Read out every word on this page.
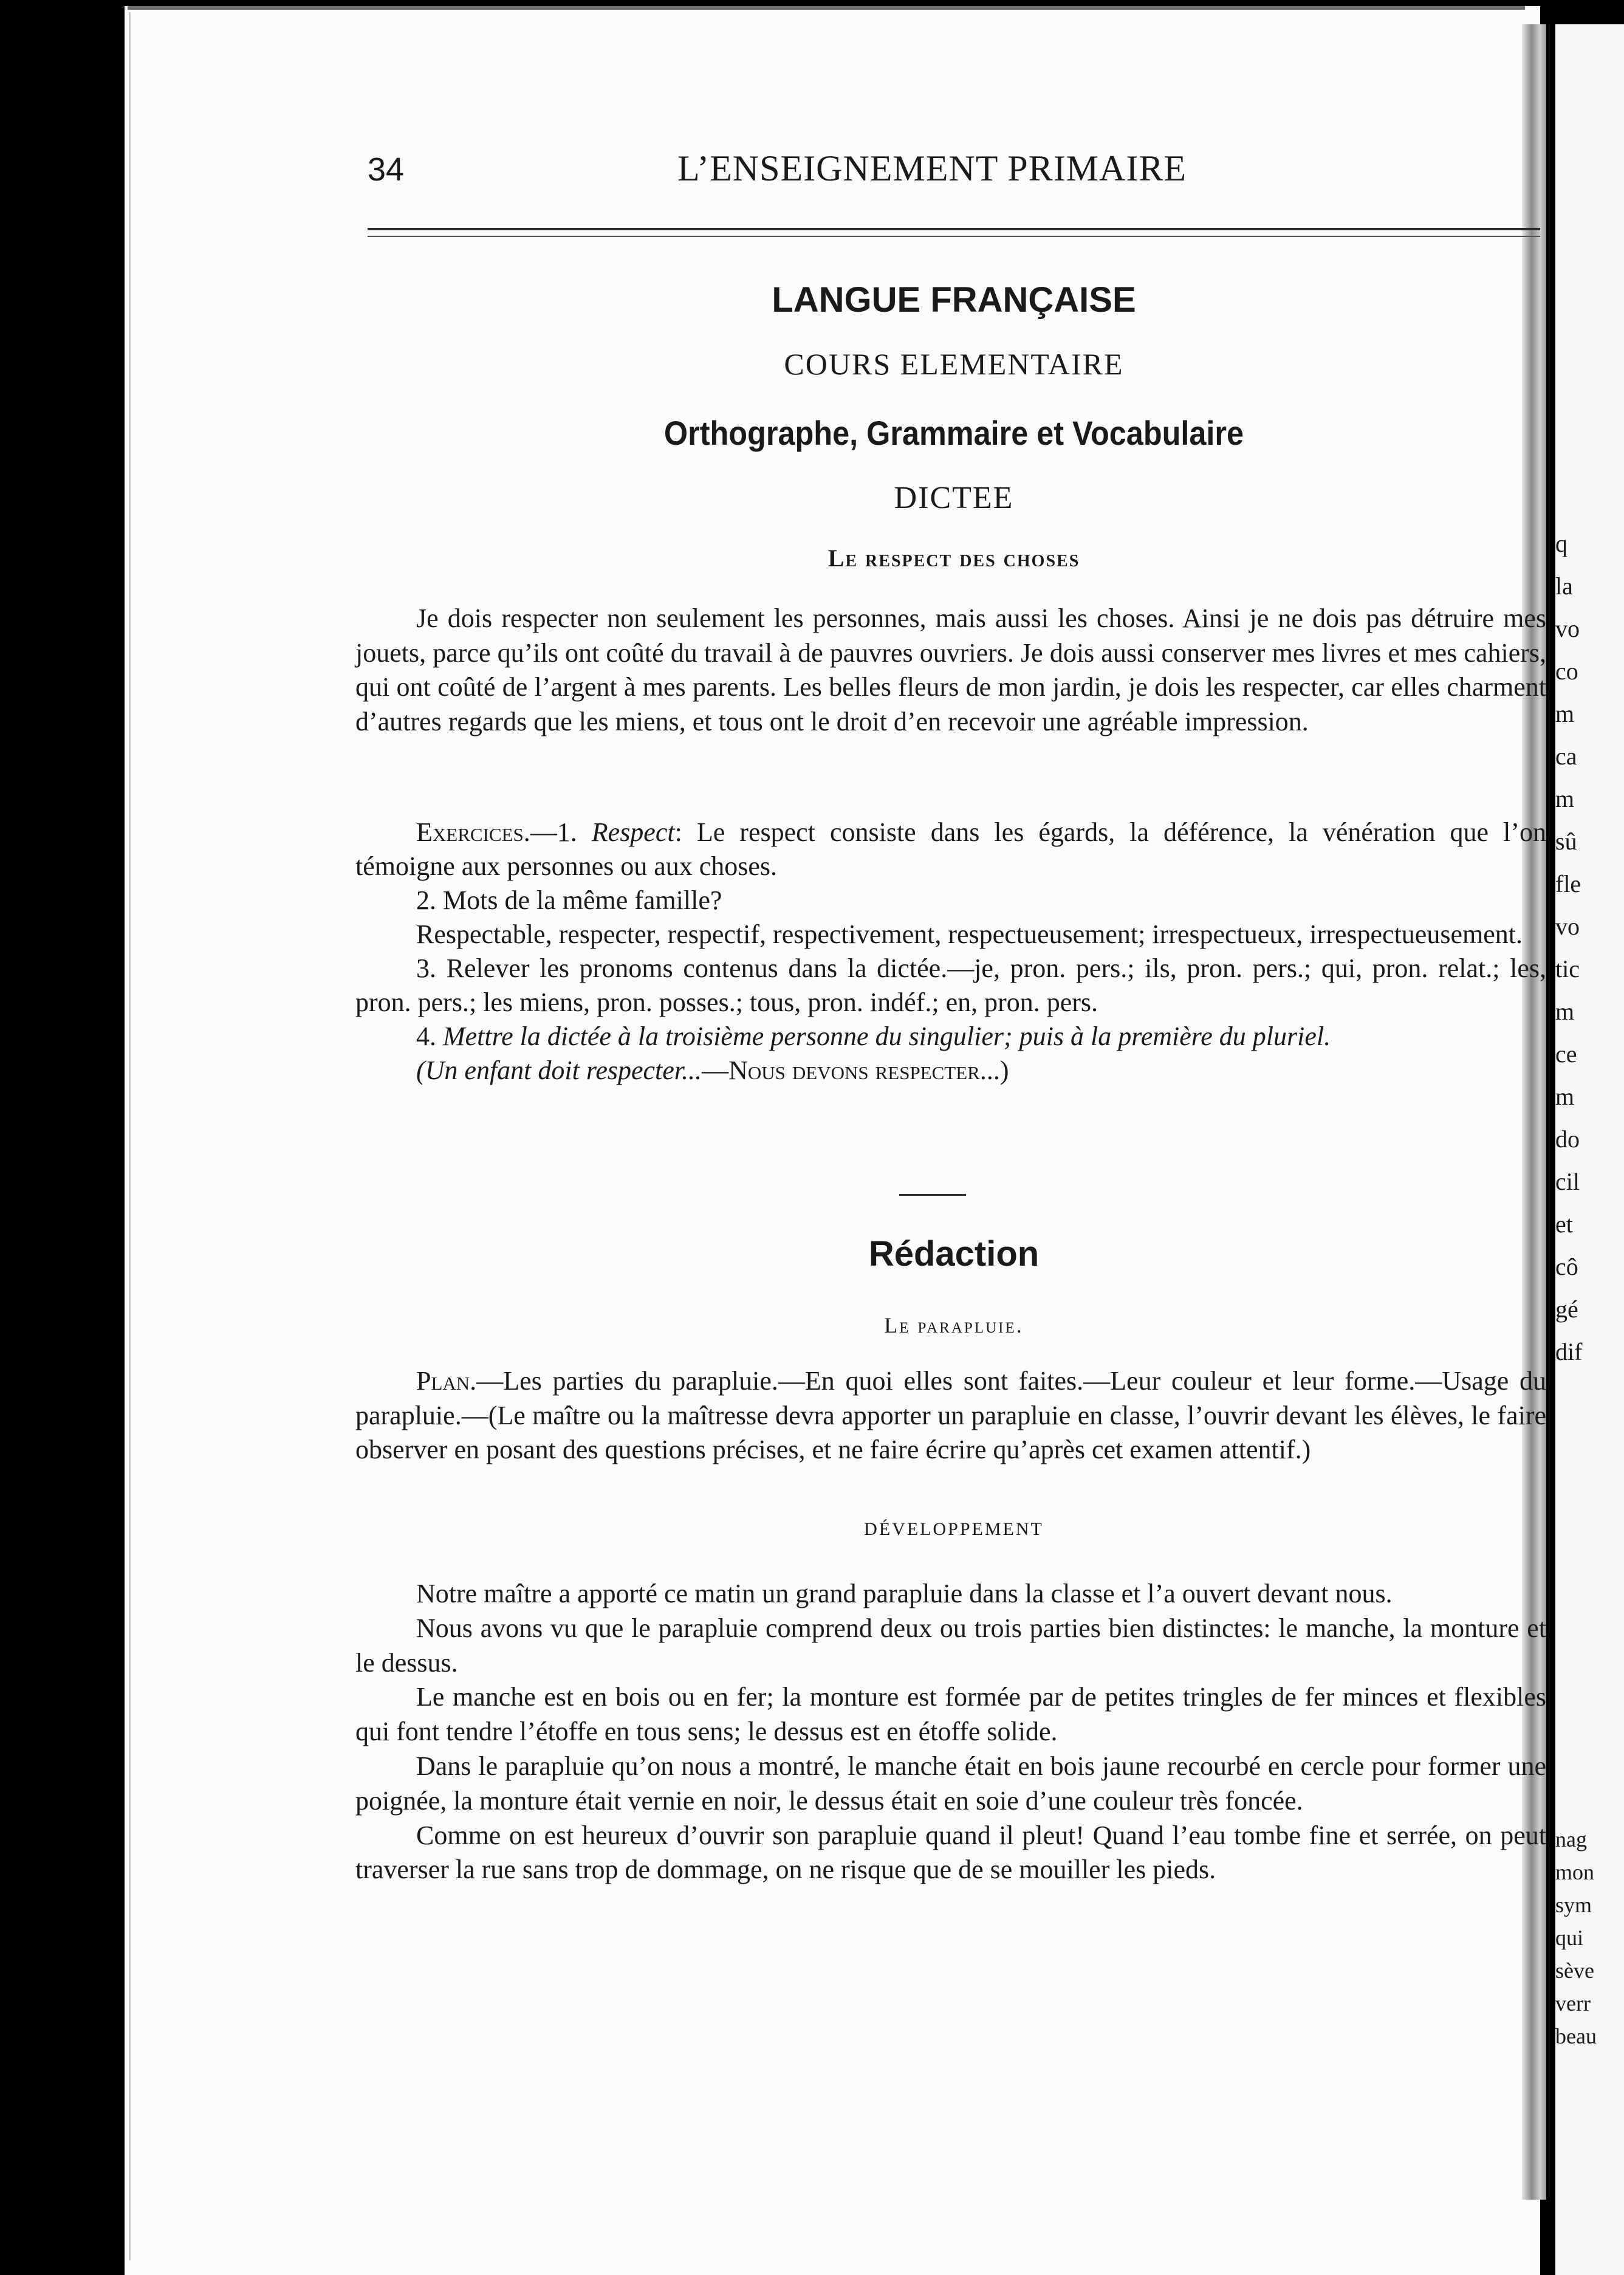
q
la
vo
co
m
ca
m
sû
fle
vo
tic
m
ce
m
do
cil
et
cô
gé
dif
nag
mon
sym
qui
sève
verr
beau
34	L’ENSEIGNEMENT PRIMAIRE
LANGUE FRANÇAISE
COURS ELEMENTAIRE
Orthographe, Grammaire et Vocabulaire
DICTEE
Le respect des choses

Je dois respecter non seulement les personnes, mais aussi les choses. Ainsi je ne dois pas détruire mes jouets, parce qu’ils ont coûté du travail à de pauvres ouvriers. Je dois aussi conserver mes livres et mes cahiers, qui ont coûté de l’argent à mes parents. Les belles fleurs de mon jardin, je dois les respecter, car elles charment d’autres regards que les miens, et tous ont le droit d’en recevoir une agréable impression.

Exercices.—1. Respect: Le respect consiste dans les égards, la déférence, la vénération que l’on témoigne aux personnes ou aux choses.

2. Mots de la même famille?

Respectable, respecter, respectif, respectivement, respectueusement; irrespectueux, irrespectueusement.

3. Relever les pronoms contenus dans la dictée.—je, pron. pers.; ils, pron. pers.; qui, pron. relat.; les, pron. pers.; les miens, pron. posses.; tous, pron. indéf.; en, pron. pers.

4. Mettre la dictée à la troisième personne du singulier; puis à la première du pluriel.

(Un enfant doit respecter...—Nous devons respecter...)

Rédaction
Le parapluie.

Plan.—Les parties du parapluie.—En quoi elles sont faites.—Leur couleur et leur forme.—Usage du parapluie.—(Le maître ou la maîtresse devra apporter un parapluie en classe, l’ouvrir devant les élèves, le faire observer en posant des questions précises, et ne faire écrire qu’après cet examen attentif.)

DÉVELOPPEMENT

Notre maître a apporté ce matin un grand parapluie dans la classe et l’a ouvert devant nous.

Nous avons vu que le parapluie comprend deux ou trois parties bien distinctes: le manche, la monture et le dessus.

Le manche est en bois ou en fer; la monture est formée par de petites tringles de fer minces et flexibles qui font tendre l’étoffe en tous sens; le dessus est en étoffe solide.

Dans le parapluie qu’on nous a montré, le manche était en bois jaune recourbé en cercle pour former une poignée, la monture était vernie en noir, le dessus était en soie d’une couleur très foncée.

Comme on est heureux d’ouvrir son parapluie quand il pleut! Quand l’eau tombe fine et serrée, on peut traverser la rue sans trop de dommage, on ne risque que de se mouiller les pieds.
